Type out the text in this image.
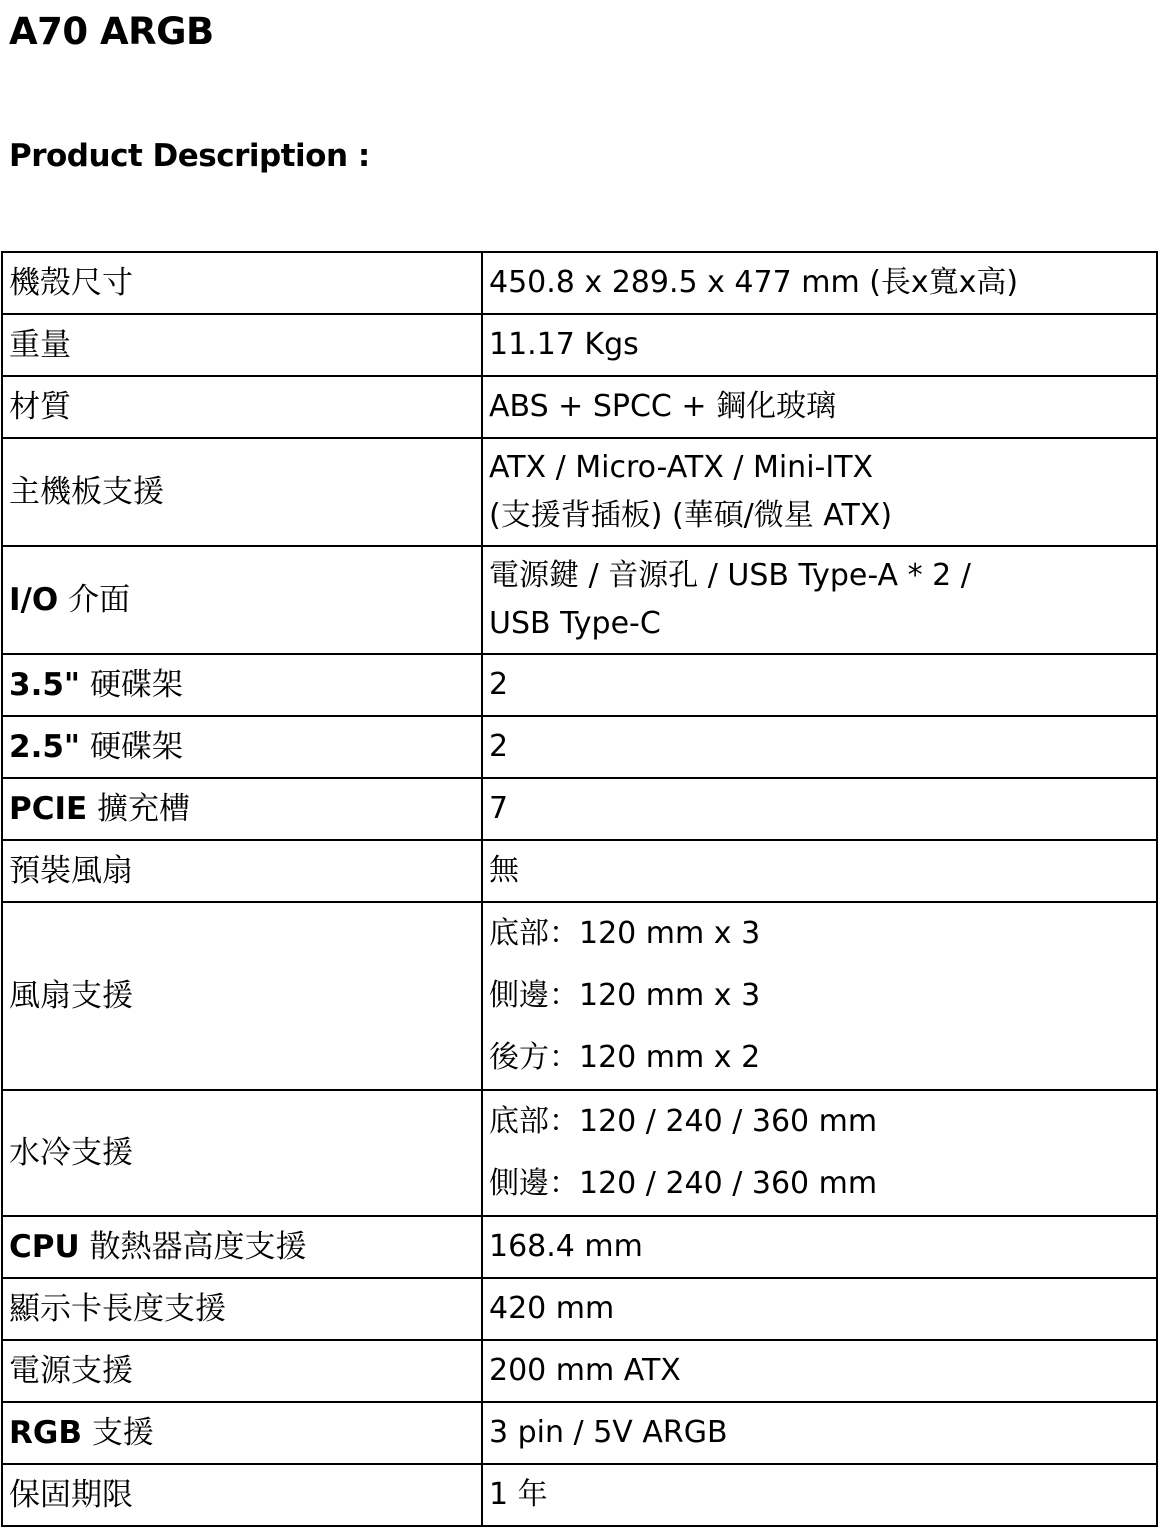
A70 ARGB
Product Description :
機殼尺寸	450.8 x 289.5 x 477 mm (長x寬x高)

重量	11.17 Kgs

材質	ABS + SPCC + 鋼化玻璃

主機板支援	ATX / Micro-ATX / Mini-ITX
(支援背插板) (華碩/微星 ATX)

I/O 介面	電源鍵 / 音源孔 / USB Type-A * 2 /
USB Type-C

3.5" 硬碟架	2

2.5" 硬碟架	2

PCIE 擴充槽	7

預裝風扇	無

風扇支援	底部：120 mm x 3
側邊：120 mm x 3
後方：120 mm x 2

水冷支援	底部：120 / 240 / 360 mm
側邊：120 / 240 / 360 mm

CPU 散熱器高度支援	168.4 mm

顯示卡長度支援	420 mm

電源支援	200 mm ATX

RGB 支援	3 pin / 5V ARGB

保固期限	1 年
